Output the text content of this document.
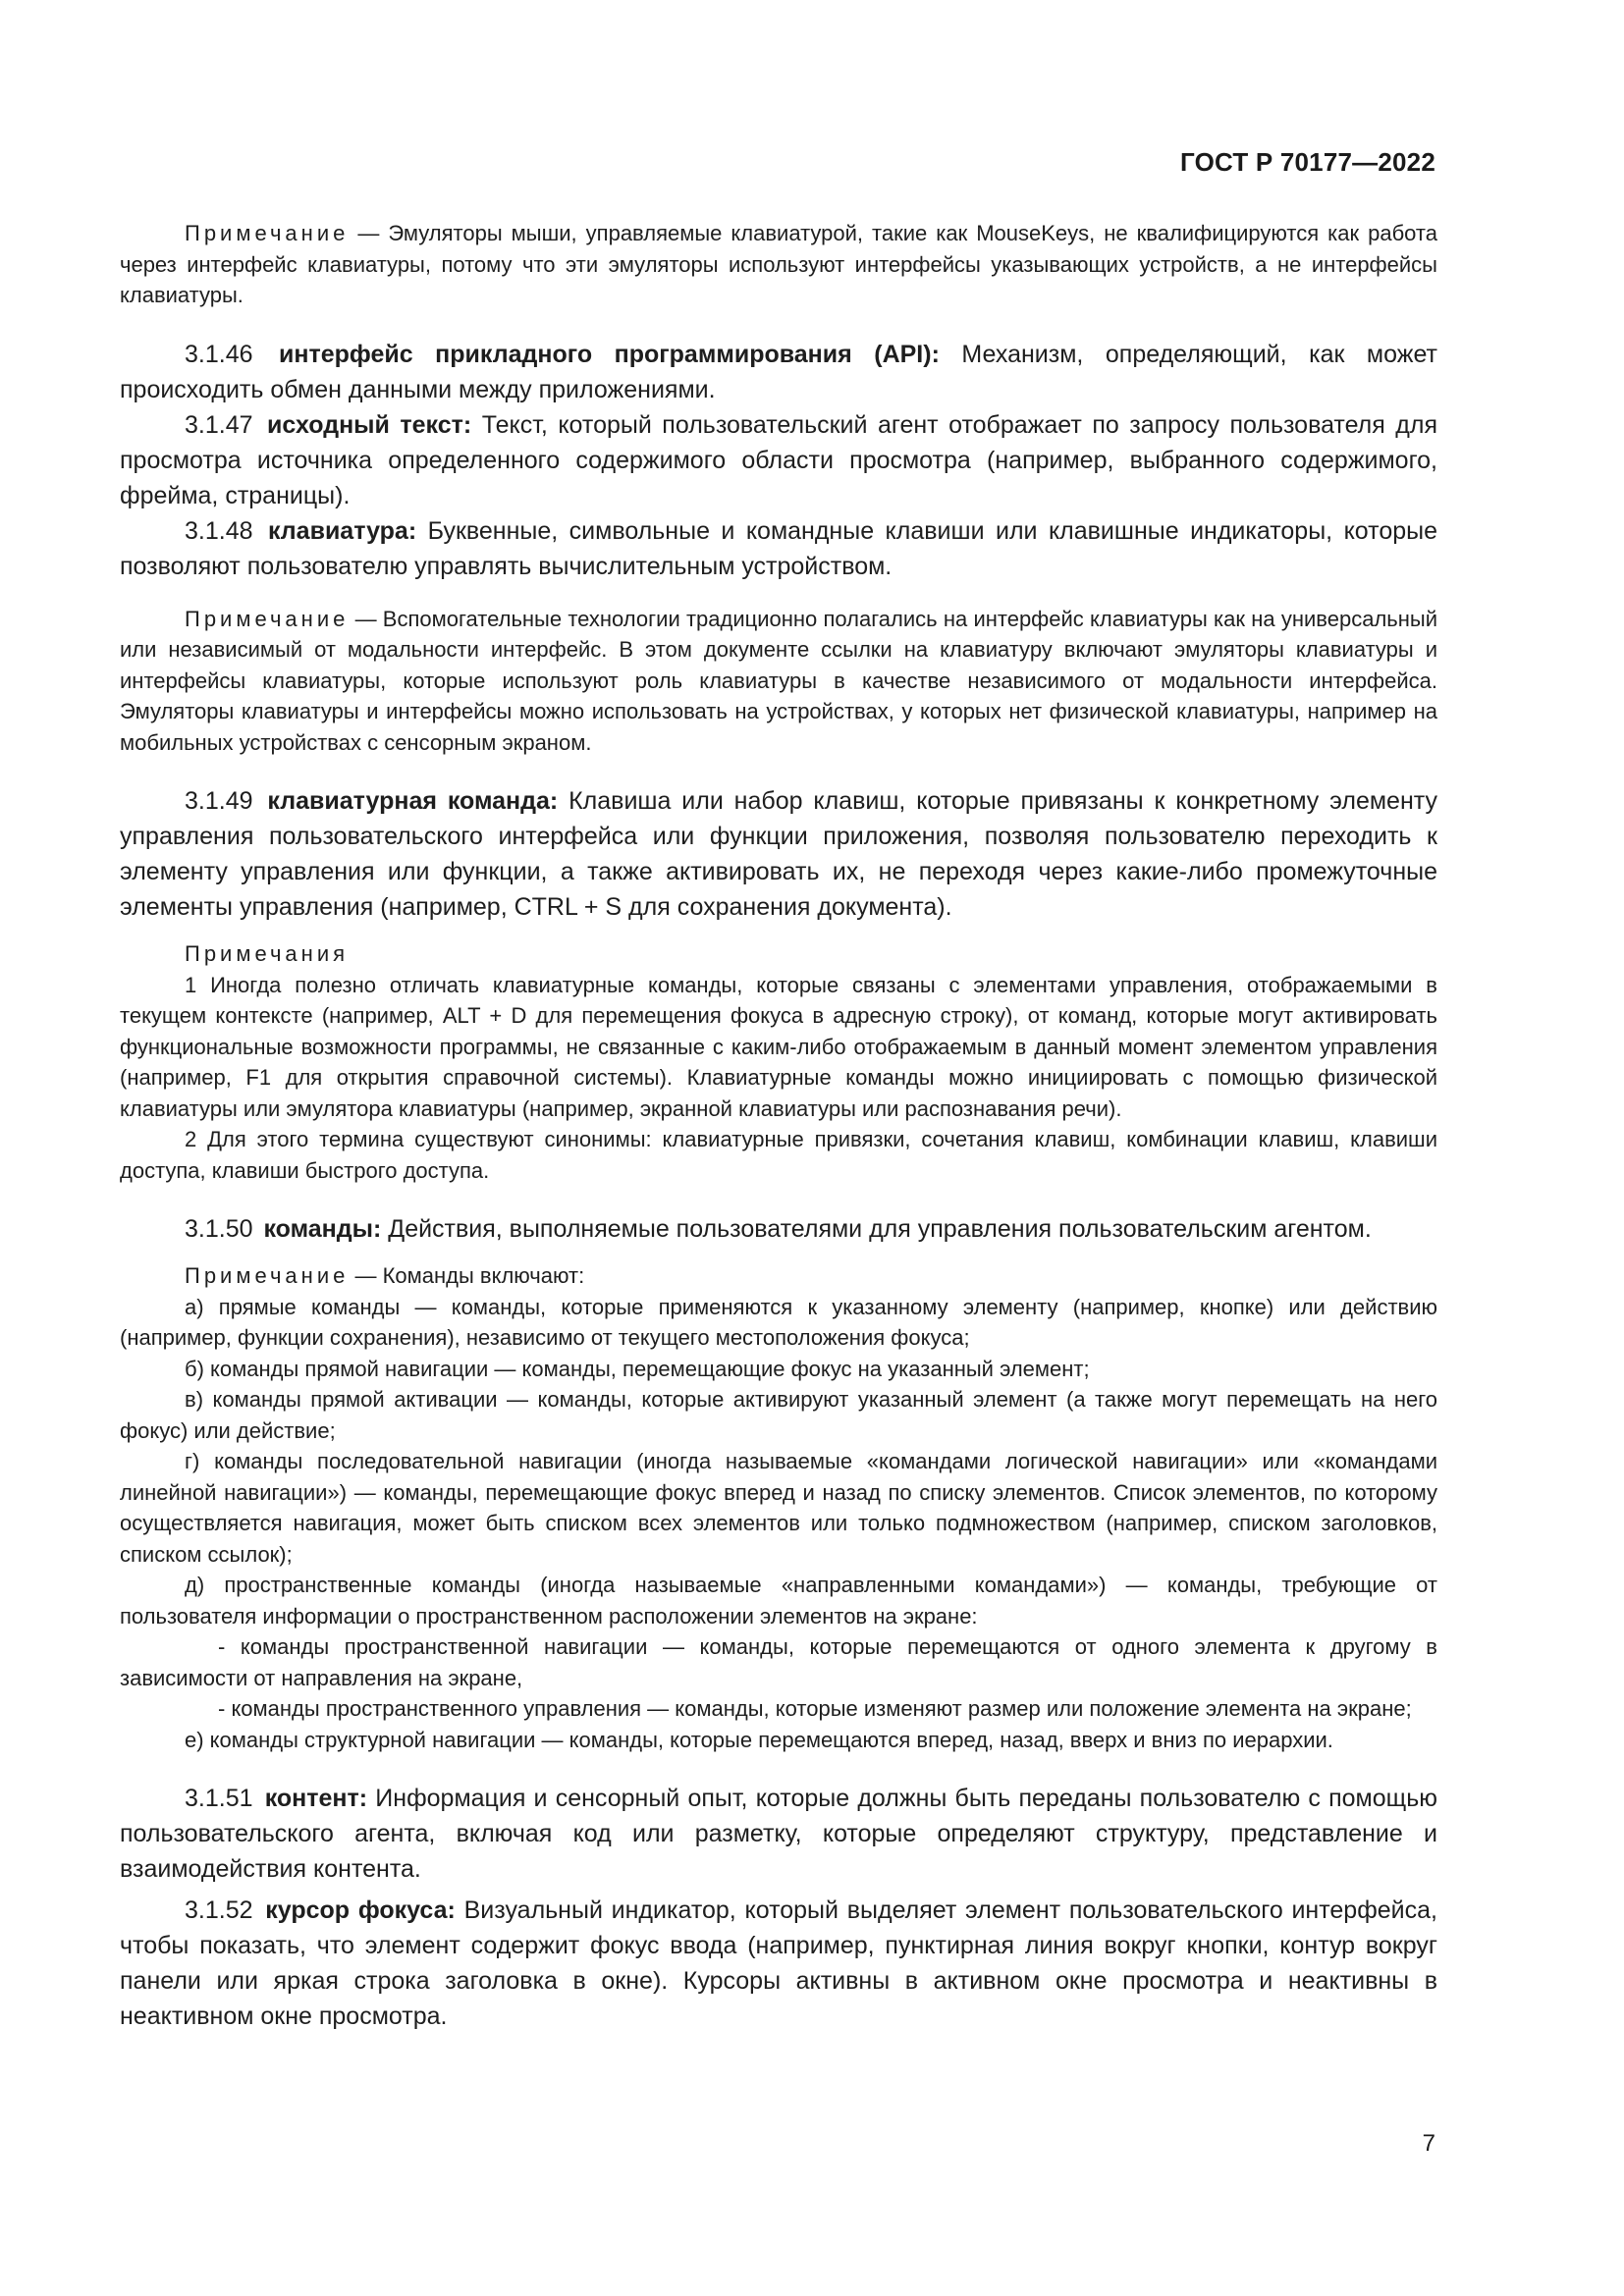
ГОСТ Р 70177—2022

Примечание — Эмуляторы мыши, управляемые клавиатурой, такие как MouseKeys, не квалифицируются как работа через интерфейс клавиатуры, потому что эти эмуляторы используют интерфейсы указывающих устройств, а не интерфейсы клавиатуры.

3.1.46 интерфейс прикладного программирования (API): Механизм, определяющий, как может происходить обмен данными между приложениями.

3.1.47 исходный текст: Текст, который пользовательский агент отображает по запросу пользователя для просмотра источника определенного содержимого области просмотра (например, выбранного содержимого, фрейма, страницы).

3.1.48 клавиатура: Буквенные, символьные и командные клавиши или клавишные индикаторы, которые позволяют пользователю управлять вычислительным устройством.

Примечание — Вспомогательные технологии традиционно полагались на интерфейс клавиатуры как на универсальный или независимый от модальности интерфейс. В этом документе ссылки на клавиатуру включают эмуляторы клавиатуры и интерфейсы клавиатуры, которые используют роль клавиатуры в качестве независимого от модальности интерфейса. Эмуляторы клавиатуры и интерфейсы можно использовать на устройствах, у которых нет физической клавиатуры, например на мобильных устройствах с сенсорным экраном.

3.1.49 клавиатурная команда: Клавиша или набор клавиш, которые привязаны к конкретному элементу управления пользовательского интерфейса или функции приложения, позволяя пользователю переходить к элементу управления или функции, а также активировать их, не переходя через какие-либо промежуточные элементы управления (например, CTRL + S для сохранения документа).

Примечания

1 Иногда полезно отличать клавиатурные команды, которые связаны с элементами управления, отображаемыми в текущем контексте (например, ALT + D для перемещения фокуса в адресную строку), от команд, которые могут активировать функциональные возможности программы, не связанные с каким-либо отображаемым в данный момент элементом управления (например, F1 для открытия справочной системы). Клавиатурные команды можно инициировать с помощью физической клавиатуры или эмулятора клавиатуры (например, экранной клавиатуры или распознавания речи).

2 Для этого термина существуют синонимы: клавиатурные привязки, сочетания клавиш, комбинации клавиш, клавиши доступа, клавиши быстрого доступа.

3.1.50 команды: Действия, выполняемые пользователями для управления пользовательским агентом.

Примечание — Команды включают:

а) прямые команды — команды, которые применяются к указанному элементу (например, кнопке) или действию (например, функции сохранения), независимо от текущего местоположения фокуса;

б) команды прямой навигации — команды, перемещающие фокус на указанный элемент;

в) команды прямой активации — команды, которые активируют указанный элемент (а также могут перемещать на него фокус) или действие;

г) команды последовательной навигации (иногда называемые «командами логической навигации» или «командами линейной навигации») — команды, перемещающие фокус вперед и назад по списку элементов. Список элементов, по которому осуществляется навигация, может быть списком всех элементов или только подмножеством (например, списком заголовков, списком ссылок);

д) пространственные команды (иногда называемые «направленными командами») — команды, требующие от пользователя информации о пространственном расположении элементов на экране:

- команды пространственной навигации — команды, которые перемещаются от одного элемента к другому в зависимости от направления на экране,

- команды пространственного управления — команды, которые изменяют размер или положение элемента на экране;

е) команды структурной навигации — команды, которые перемещаются вперед, назад, вверх и вниз по иерархии.

3.1.51 контент: Информация и сенсорный опыт, которые должны быть переданы пользователю с помощью пользовательского агента, включая код или разметку, которые определяют структуру, представление и взаимодействия контента.

3.1.52 курсор фокуса: Визуальный индикатор, который выделяет элемент пользовательского интерфейса, чтобы показать, что элемент содержит фокус ввода (например, пунктирная линия вокруг кнопки, контур вокруг панели или яркая строка заголовка в окне). Курсоры активны в активном окне просмотра и неактивны в неактивном окне просмотра.

7
